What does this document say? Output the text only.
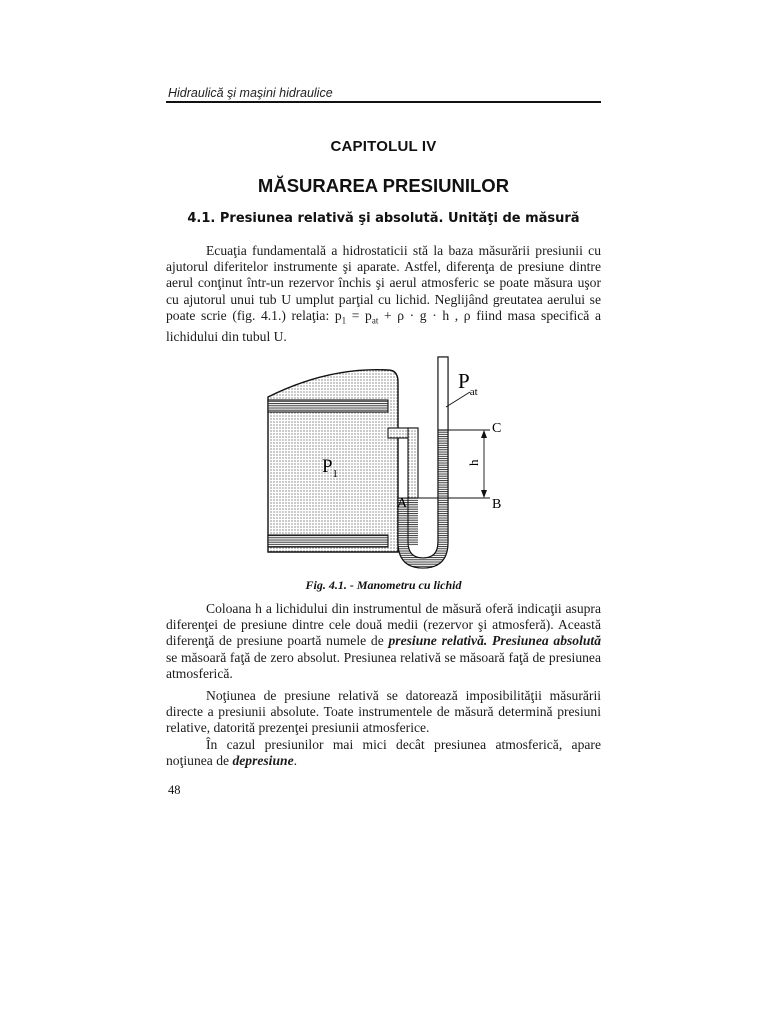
Hidraulică şi maşini hidraulice
CAPITOLUL IV
MĂSURAREA PRESIUNILOR
4.1. Presiunea relativă şi absolută. Unităţi de măsură

Ecuaţia fundamentală a hidrostaticii stă la baza măsurării presiunii cu ajutorul diferitelor instrumente şi aparate. Astfel, diferenţa de presiune dintre aerul conţinut într-un rezervor închis şi aerul atmosferic se poate măsura uşor cu ajutorul unui tub U umplut parţial cu lichid. Neglijând greutatea aerului se poate scrie (fig. 4.1.) relaţia: $p_1 = p_{at} + \rho \cdot g \cdot h$ , ρ fiind masa specifică a lichidului din tubul U.

$P_{at}$
$P_1$
A	B
C
h
Fig. 4.1. - Manometru cu lichid

Coloana h a lichidului din instrumentul de măsură oferă indicaţii asupra diferenţei de presiune dintre cele două medii (rezervor şi atmosferă). Această diferenţă de presiune poartă numele de presiune relativă. Presiunea absolută se măsoară faţă de zero absolut. Presiunea relativă se măsoară faţă de presiunea atmosferică.

Noţiunea de presiune relativă se datorează imposibilităţii măsurării directe a presiunii absolute. Toate instrumentele de măsură determină presiuni relative, datorită prezenţei presiunii atmosferice.

În cazul presiunilor mai mici decât presiunea atmosferică, apare noţiunea de depresiune.

48
